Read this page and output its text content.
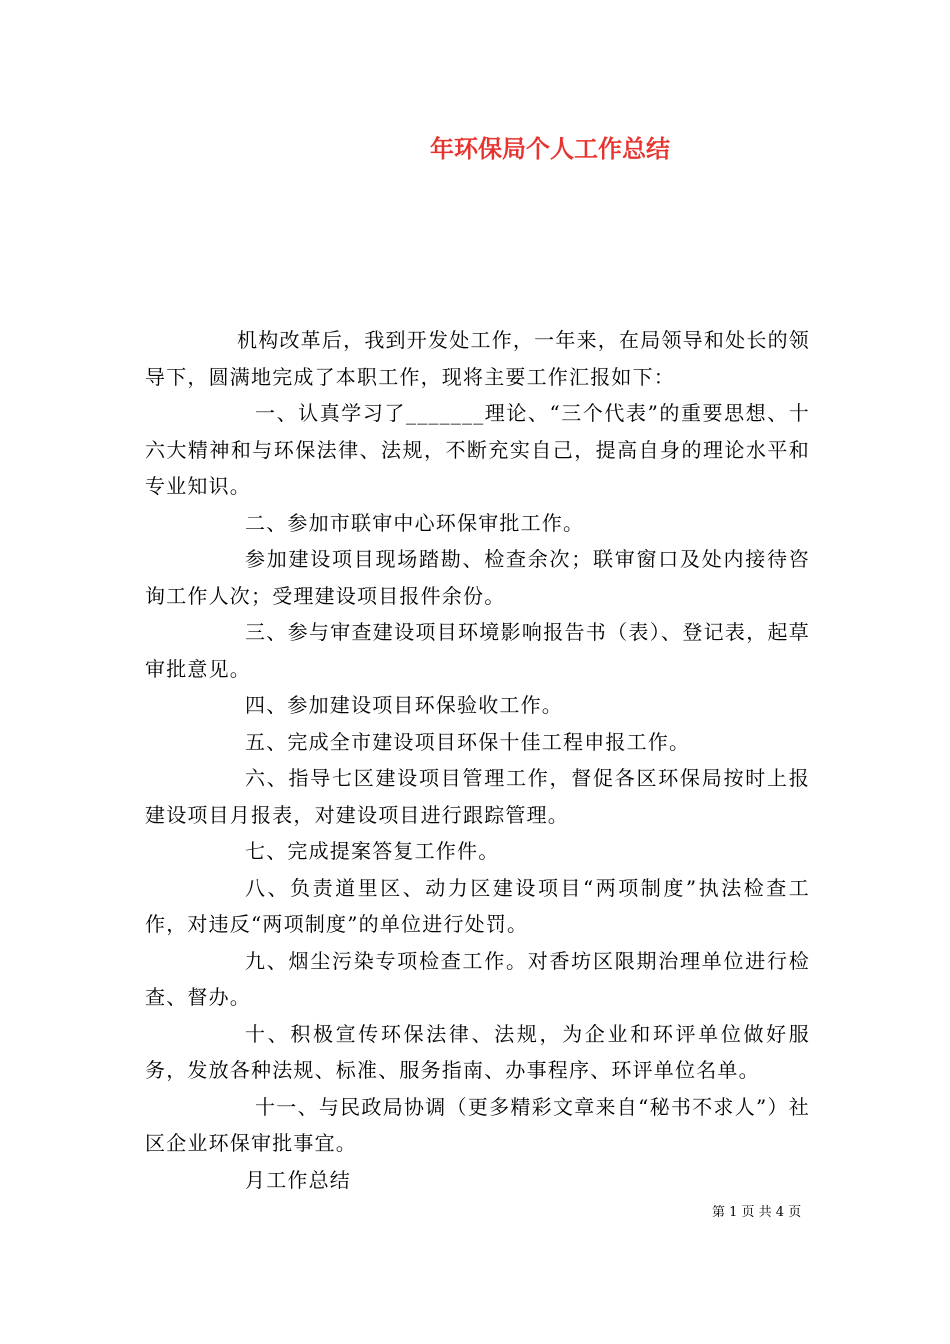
年环保局个人工作总结

机构改革后，我到开发处工作，一年来，在局领导和处长的领导下，圆满地完成了本职工作，现将主要工作汇报如下：

一、认真学习了_______理论、“三个代表”的重要思想、十六大精神和与环保法律、法规，不断充实自己，提高自身的理论水平和专业知识。

二、参加市联审中心环保审批工作。

参加建设项目现场踏勘、检查余次；联审窗口及处内接待咨询工作人次；受理建设项目报件余份。

三、参与审查建设项目环境影响报告书（表）、登记表，起草审批意见。

四、参加建设项目环保验收工作。

五、完成全市建设项目环保十佳工程申报工作。

六、指导七区建设项目管理工作，督促各区环保局按时上报建设项目月报表，对建设项目进行跟踪管理。

七、完成提案答复工作件。

八、负责道里区、动力区建设项目“两项制度”执法检查工作，对违反“两项制度”的单位进行处罚。

九、烟尘污染专项检查工作。对香坊区限期治理单位进行检查、督办。

十、积极宣传环保法律、法规，为企业和环评单位做好服务，发放各种法规、标准、服务指南、办事程序、环评单位名单。

十一、与民政局协调（更多精彩文章来自“秘书不求人”）社区企业环保审批事宜。

月工作总结

第 1 页 共 4 页
